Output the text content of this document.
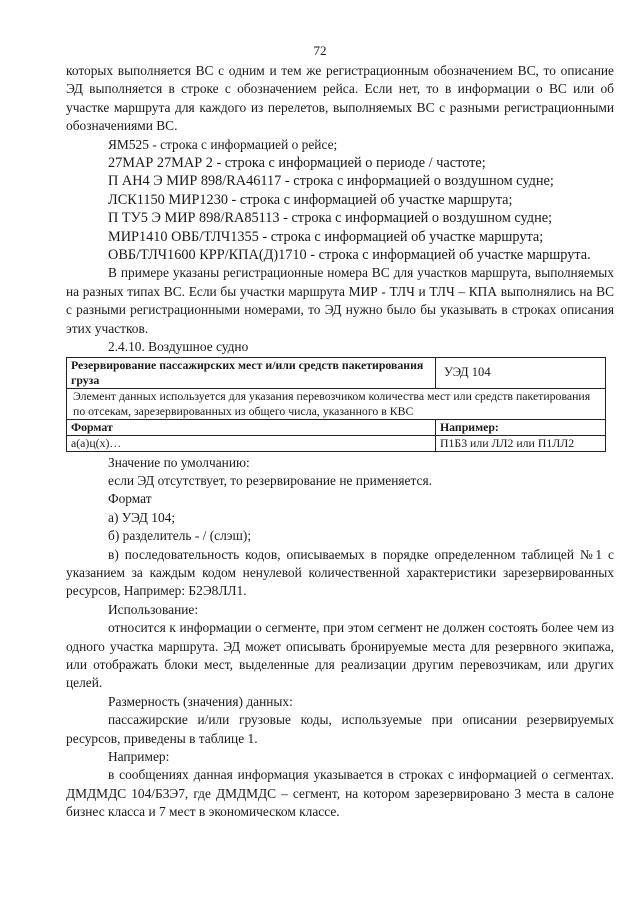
72

которых выполняется ВС с одним и тем же регистрационным обозначением ВС, то описание ЭД выполняется в строке с обозначением рейса. Если нет, то в информации о ВС или об участке маршрута для каждого из перелетов, выполняемых ВС с разными регистрационными обозначениями ВС.

ЯМ525 - строка с информацией о рейсе;

27МАР 27МАР 2 - строка с информацией о периоде / частоте;

П АН4 Э МИР 898/RA46117 - строка с информацией о воздушном судне;

ЛСК1150 МИР1230 - строка с информацией об участке маршрута;

П ТУ5 Э МИР 898/RA85113 - строка с информацией о воздушном судне;

МИР1410 ОВБ/ТЛЧ1355 - строка с информацией об участке маршрута;

ОВБ/ТЛЧ1600 КРР/КПА(Д)1710 - строка с информацией об участке маршрута.

В примере указаны регистрационные номера ВС для участков маршрута, выполняемых на разных типах ВС. Если бы участки маршрута МИР - ТЛЧ и ТЛЧ – КПА выполнялись на ВС с разными регистрационными номерами, то ЭД нужно было бы указывать в строках описания этих участков.

2.4.10. Воздушное судно

Резервирование пассажирских мест и/или средств пакетирования груза	УЭД 104
Элемент данных используется для указания перевозчиком количества мест или средств пакетирования по отсекам, зарезервированных из общего числа, указанного в КВС	
Формат	Например:
а(а)ц(х)…	П1Б3 или ЛЛ2 или П1ЛЛ2

Значение по умолчанию:

если ЭД отсутствует, то резервирование не применяется.

Формат

а) УЭД 104;

б) разделитель - / (слэш);

в) последовательность кодов, описываемых в порядке определенном таблицей №1 с указанием за каждым кодом ненулевой количественной характеристики зарезервированных ресурсов, Например: Б2Э8ЛЛ1.

Использование:

относится к информации о сегменте, при этом сегмент не должен состоять более чем из одного участка маршрута. ЭД может описывать бронируемые места для резервного экипажа, или отображать блоки мест, выделенные для реализации другим перевозчикам, или других целей.

Размерность (значения) данных:

пассажирские и/или грузовые коды, используемые при описании резервируемых ресурсов, приведены в таблице 1.

Например:

в сообщениях данная информация указывается в строках с информацией о сегментах. ДМДМДС 104/Б3Э7, где ДМДМДС – сегмент, на котором зарезервировано 3 места в салоне бизнес класса и 7 мест в экономическом классе.
